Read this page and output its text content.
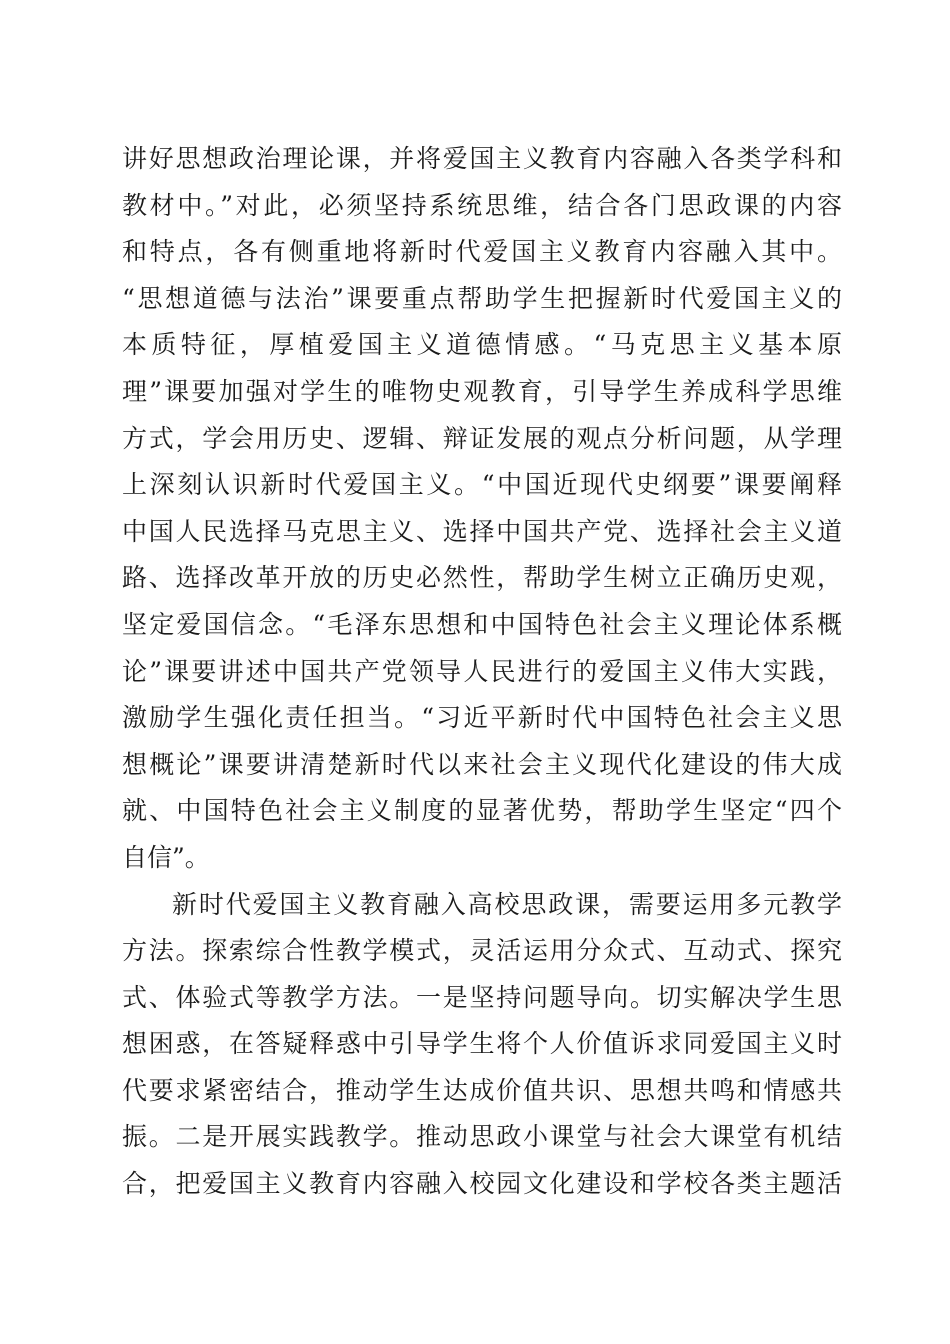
讲好思想政治理论课，并将爱国主义教育内容融入各类学科和
教材中。”对此，必须坚持系统思维，结合各门思政课的内容
和特点，各有侧重地将新时代爱国主义教育内容融入其中。
“思想道德与法治”课要重点帮助学生把握新时代爱国主义的
本质特征，厚植爱国主义道德情感。“马克思主义基本原
理”课要加强对学生的唯物史观教育，引导学生养成科学思维
方式，学会用历史、逻辑、辩证发展的观点分析问题，从学理
上深刻认识新时代爱国主义。“中国近现代史纲要”课要阐释
中国人民选择马克思主义、选择中国共产党、选择社会主义道
路、选择改革开放的历史必然性，帮助学生树立正确历史观，
坚定爱国信念。“毛泽东思想和中国特色社会主义理论体系概
论”课要讲述中国共产党领导人民进行的爱国主义伟大实践，
激励学生强化责任担当。“习近平新时代中国特色社会主义思
想概论”课要讲清楚新时代以来社会主义现代化建设的伟大成
就、中国特色社会主义制度的显著优势，帮助学生坚定“四个
自信”。
新时代爱国主义教育融入高校思政课，需要运用多元教学
方法。探索综合性教学模式，灵活运用分众式、互动式、探究
式、体验式等教学方法。一是坚持问题导向。切实解决学生思
想困惑，在答疑释惑中引导学生将个人价值诉求同爱国主义时
代要求紧密结合，推动学生达成价值共识、思想共鸣和情感共
振。二是开展实践教学。推动思政小课堂与社会大课堂有机结
合，把爱国主义教育内容融入校园文化建设和学校各类主题活
